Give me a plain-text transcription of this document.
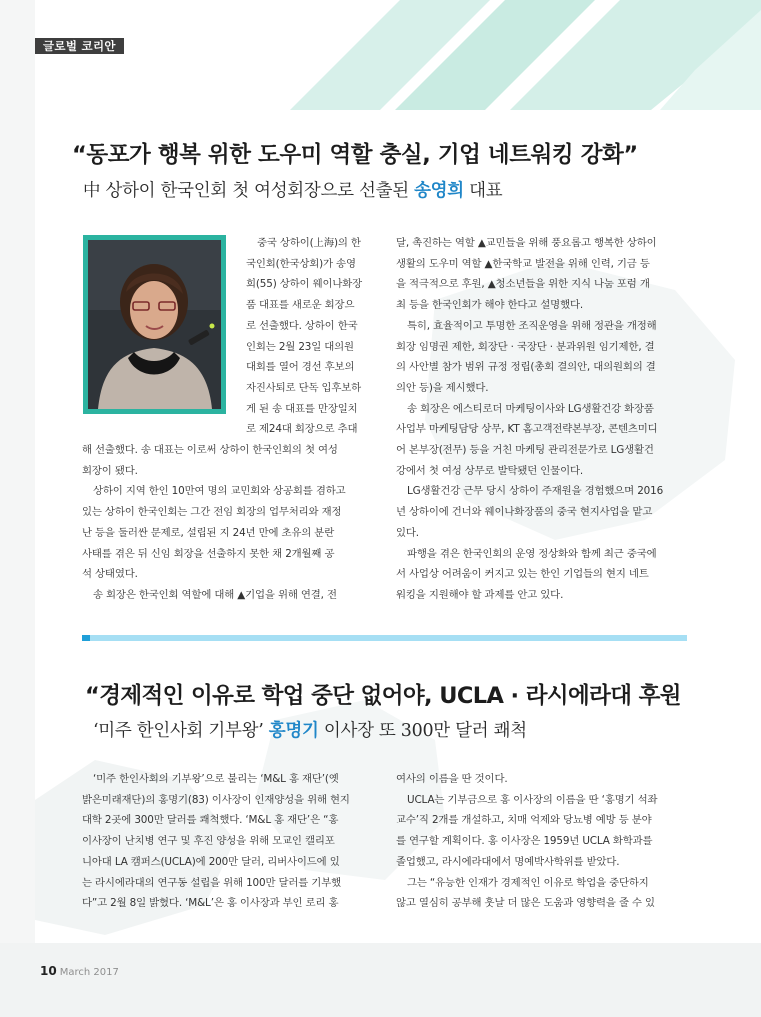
글로벌 코리안
“동포가 행복 위한 도우미 역할 충실, 기업 네트워킹 강화”
中 상하이 한국인회 첫 여성회장으로 선출된 송영희 대표
중국 상하이(上海)의 한
국인회(한국상회)가 송영
희(55) 상하이 웨이나화장
품 대표를 새로운 회장으
로 선출했다. 상하이 한국
인회는 2월 23일 대의원
대회를 열어 경선 후보의
자진사퇴로 단독 입후보하
게 된 송 대표를 만장일치
로 제24대 회장으로 추대
해 선출했다. 송 대표는 이로써 상하이 한국인회의 첫 여성
회장이 됐다.
상하이 지역 한인 10만여 명의 교민회와 상공회를 겸하고
있는 상하이 한국인회는 그간 전임 회장의 업무처리와 재정
난 등을 둘러싼 문제로, 설립된 지 24년 만에 초유의 분란
사태를 겪은 뒤 신임 회장을 선출하지 못한 채 2개월째 공
석 상태였다.
송 회장은 한국인회 역할에 대해 ▲기업을 위해 연결, 전
달, 촉진하는 역할 ▲교민들을 위해 풍요롭고 행복한 상하이
생활의 도우미 역할 ▲한국학교 발전을 위해 인력, 기금 등
을 적극적으로 후원, ▲청소년들을 위한 지식 나눔 포럼 개
최 등을 한국인회가 해야 한다고 설명했다.
특히, 효율적이고 투명한 조직운영을 위해 정관을 개정해
회장 임명권 제한, 회장단 · 국장단 · 분과위원 임기제한, 결
의 사안별 참가 범위 규정 정립(총회 결의안, 대의원회의 결
의안 등)을 제시했다.
송 회장은 에스티로더 마케팅이사와 LG생활건강 화장품
사업부 마케팅담당 상무, KT 홈고객전략본부장, 콘텐츠미디
어 본부장(전무) 등을 거친 마케팅 관리전문가로 LG생활건
강에서 첫 여성 상무로 발탁됐던 인물이다.
LG생활건강 근무 당시 상하이 주재원을 경험했으며 2016
년 상하이에 건너와 웨이나화장품의 중국 현지사업을 맡고
있다.
파행을 겪은 한국인회의 운영 정상화와 함께 최근 중국에
서 사업상 어려움이 커지고 있는 한인 기업들의 현지 네트
워킹을 지원해야 할 과제를 안고 있다.
“경제적인 이유로 학업 중단 없어야, UCLA · 라시에라대 후원
‘미주 한인사회 기부왕’ 홍명기 이사장 또 300만 달러 쾌척
‘미주 한인사회의 기부왕’으로 불리는 ‘M&L 홍 재단’(옛
밝은미래재단)의 홍명기(83) 이사장이 인재양성을 위해 현지
대학 2곳에 300만 달러를 쾌척했다. ‘M&L 홍 재단’은 “홍
이사장이 난치병 연구 및 후진 양성을 위해 모교인 캘리포
니아대 LA 캠퍼스(UCLA)에 200만 달러, 리버사이드에 있
는 라시에라대의 연구동 설립을 위해 100만 달러를 기부했
다”고 2월 8일 밝혔다. ‘M&L’은 홍 이사장과 부인 로리 홍
여사의 이름을 딴 것이다.
UCLA는 기부금으로 홍 이사장의 이름을 딴 ‘홍명기 석좌
교수’직 2개를 개설하고, 치매 억제와 당뇨병 예방 등 분야
를 연구할 계획이다. 홍 이사장은 1959년 UCLA 화학과를
졸업했고, 라시에라대에서 명예박사학위를 받았다.
그는 “유능한 인재가 경제적인 이유로 학업을 중단하지
않고 열심히 공부해 훗날 더 많은 도움과 영향력을 줄 수 있
10 March 2017
